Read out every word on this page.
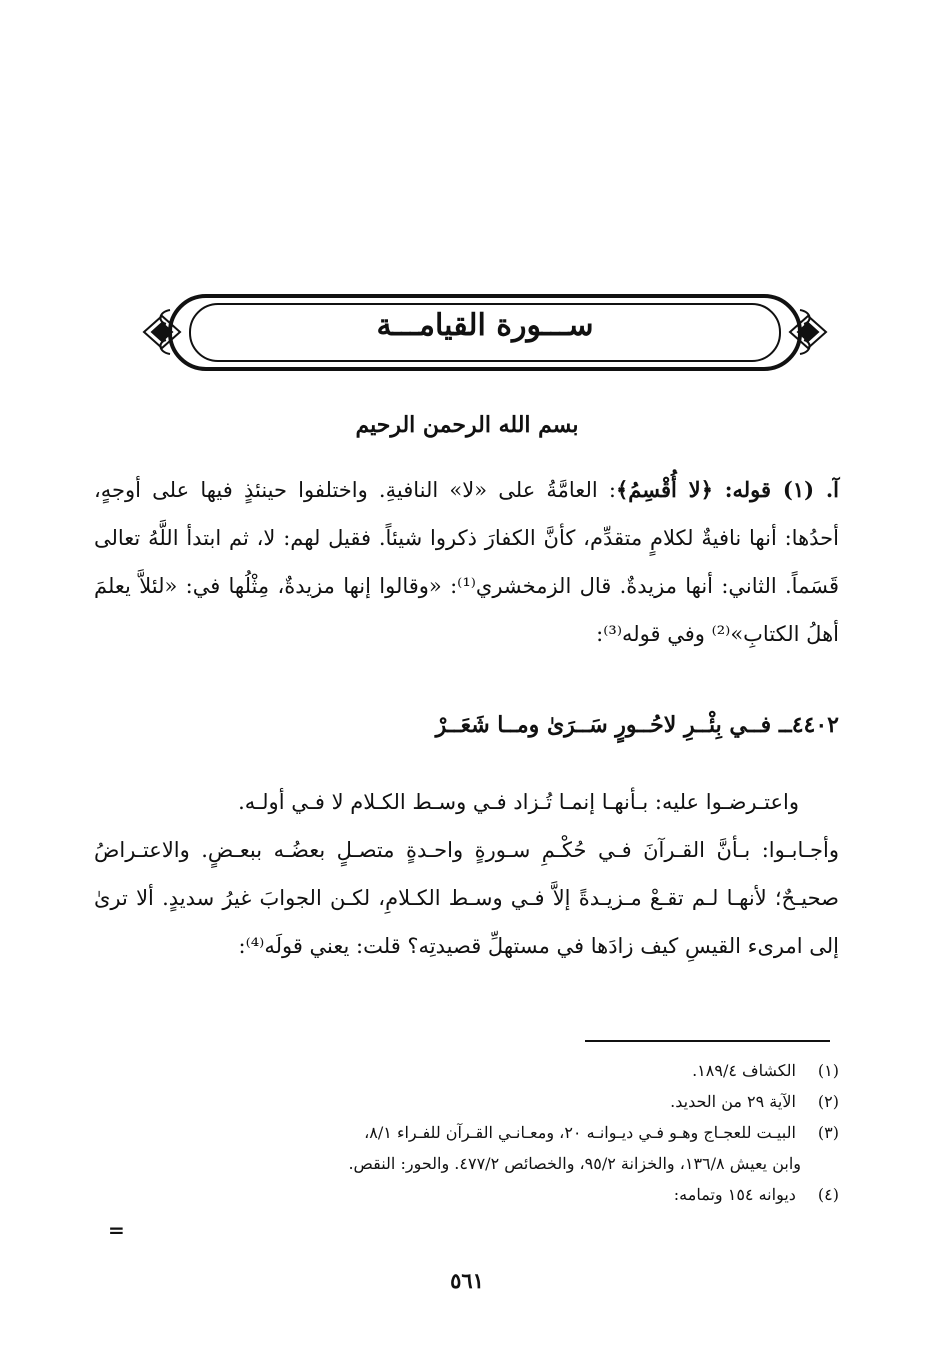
ســـورة القيامـــة
بسم الله الرحمن الرحيم
آ. (١) قوله: ﴿لا أُقْسِمُ﴾: العامَّةُ على «لا» النافيةِ. واختلفوا حينئذٍ فيها على أوجهٍ، أحدُها: أنها نافيةٌ لكلامٍ متقدِّم، كأنَّ الكفارَ ذكروا شيئاً. فقيل لهم: لا، ثم ابتدأ اللَّهُ تعالى قَسَماً. الثاني: أنها مزيدةٌ. قال الزمخشري⁽¹⁾: «وقالوا إنها مزيدةٌ، مِثْلُها في: «لئلاَّ يعلمَ أهلُ الكتابِ»⁽²⁾ وفي قوله⁽³⁾:
٤٤٠٢ــ فــي بِئْــرِ لاحُــورٍ سَــرَىٰ ومــا شَعَــرْ
واعتـرضـوا عليه: بـأنهـا إنمـا تُـزاد فـي وسـط الكـلام لا فـي أولـه.
وأجـابـوا: بـأنَّ القـرآنَ فـي حُكْـمِ سـورةٍ واحـدةٍ متصـلٍ بعضُـه ببعـضٍ. والاعتـراضُ صحيـحٌ؛ لأنهـا لـم تقـعْ مـزيـدةً إلاَّ فـي وسـط الكـلامِ، لكـن الجوابَ غيرُ سديدٍ. ألا ترىٰ إلى امرىء القيسِ كيف زادَها في مستهلِّ قصيدتِه؟ قلت: يعني قولَه⁽⁴⁾:
(١) الكشاف ١٨٩/٤.
(٢) الآية ٢٩ من الحديد.
(٣) البيـت للعجـاج وهـو فـي ديـوانـه ٢٠، ومعـانـي القـرآن للفـراء ٨/١،
وابن يعيش ١٣٦/٨، والخزانة ٩٥/٢، والخصائص ٤٧٧/٢. والحور: النقص.
(٤) ديوانه ١٥٤ وتمامه:
=
٥٦١
